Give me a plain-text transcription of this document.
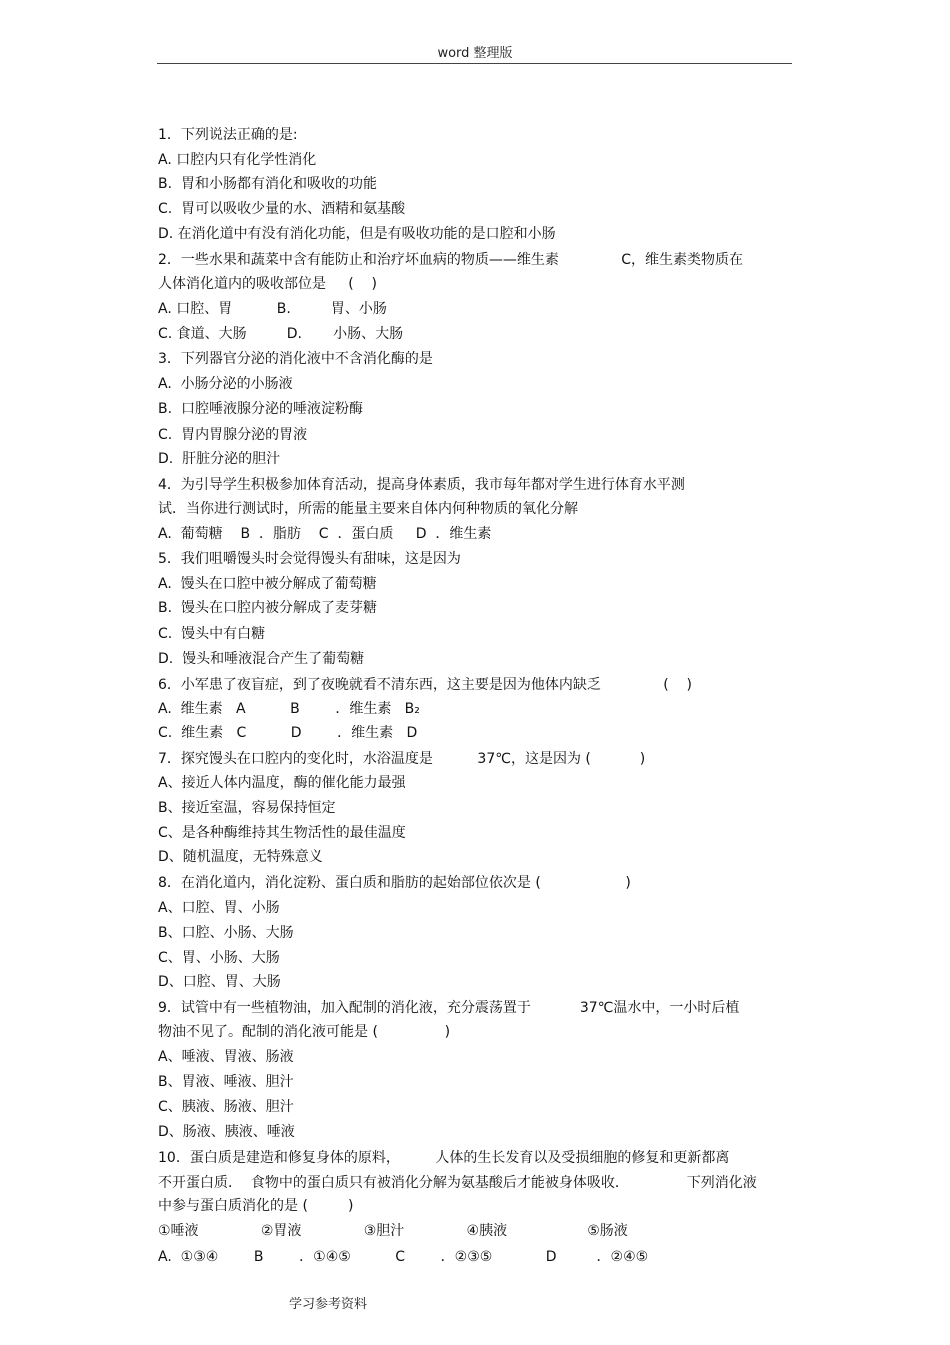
word 整理版
1．下列说法正确的是:
A. 口腔内只有化学性消化
B.  胃和小肠都有消化和吸收的功能
C.  胃可以吸收少量的水、酒精和氨基酸
D. 在消化道中有没有消化功能，但是有吸收功能的是口腔和小肠
2．一些水果和蔬菜中含有能防止和治疗坏血病的物质——维生素              C，维生素类物质在
人体消化道内的吸收部位是     (    )
A. 口腔、胃          B.         胃、小肠
C. 食道、大肠         D.       小肠、大肠
3．下列器官分泌的消化液中不含消化酶的是
A.  小肠分泌的小肠液
B.  口腔唾液腺分泌的唾液淀粉酶
C.  胃内胃腺分泌的胃液
D.  肝脏分泌的胆汁
4．为引导学生积极参加体育活动，提高身体素质，我市每年都对学生进行体育水平测
试．当你进行测试时，所需的能量主要来自体内何种物质的氧化分解
A.  葡萄糖    B  ．脂肪    C  ．蛋白质     D  ．维生素
5．我们咀嚼馒头时会觉得馒头有甜味，这是因为
A.  馒头在口腔中被分解成了葡萄糖
B.  馒头在口腔内被分解成了麦芽糖
C.  馒头中有白糖
D.  馒头和唾液混合产生了葡萄糖
6．小军患了夜盲症，到了夜晚就看不清东西，这主要是因为他体内缺乏              (    )
A.  维生素   A          B        ．维生素   B₂
C.  维生素   C          D        ．维生素   D
7．探究馒头在口腔内的变化时，水浴温度是          37℃，这是因为 (           )
A、接近人体内温度，酶的催化能力最强
B、接近室温，容易保持恒定
C、是各种酶维持其生物活性的最佳温度
D、随机温度，无特殊意义
8．在消化道内，消化淀粉、蛋白质和脂肪的起始部位依次是 (                   )
A、口腔、胃、小肠
B、口腔、小肠、大肠
C、胃、小肠、大肠
D、口腔、胃、大肠
9．试管中有一些植物油，加入配制的消化液，充分震荡置于           37℃温水中，一小时后植
物油不见了。配制的消化液可能是 (               )
A、唾液、胃液、肠液
B、胃液、唾液、胆汁
C、胰液、肠液、胆汁
D、肠液、胰液、唾液
10．蛋白质是建造和修复身体的原料，        人体的生长发育以及受损细胞的修复和更新都离
不开蛋白质．  食物中的蛋白质只有被消化分解为氨基酸后才能被身体吸收．             下列消化液
中参与蛋白质消化的是 (         )
①唾液              ②胃液              ③胆汁              ④胰液                  ⑤肠液
A.  ①③④        B        ．①④⑤          C        ．②③⑤            D         ．②④⑤
学习参考资料
